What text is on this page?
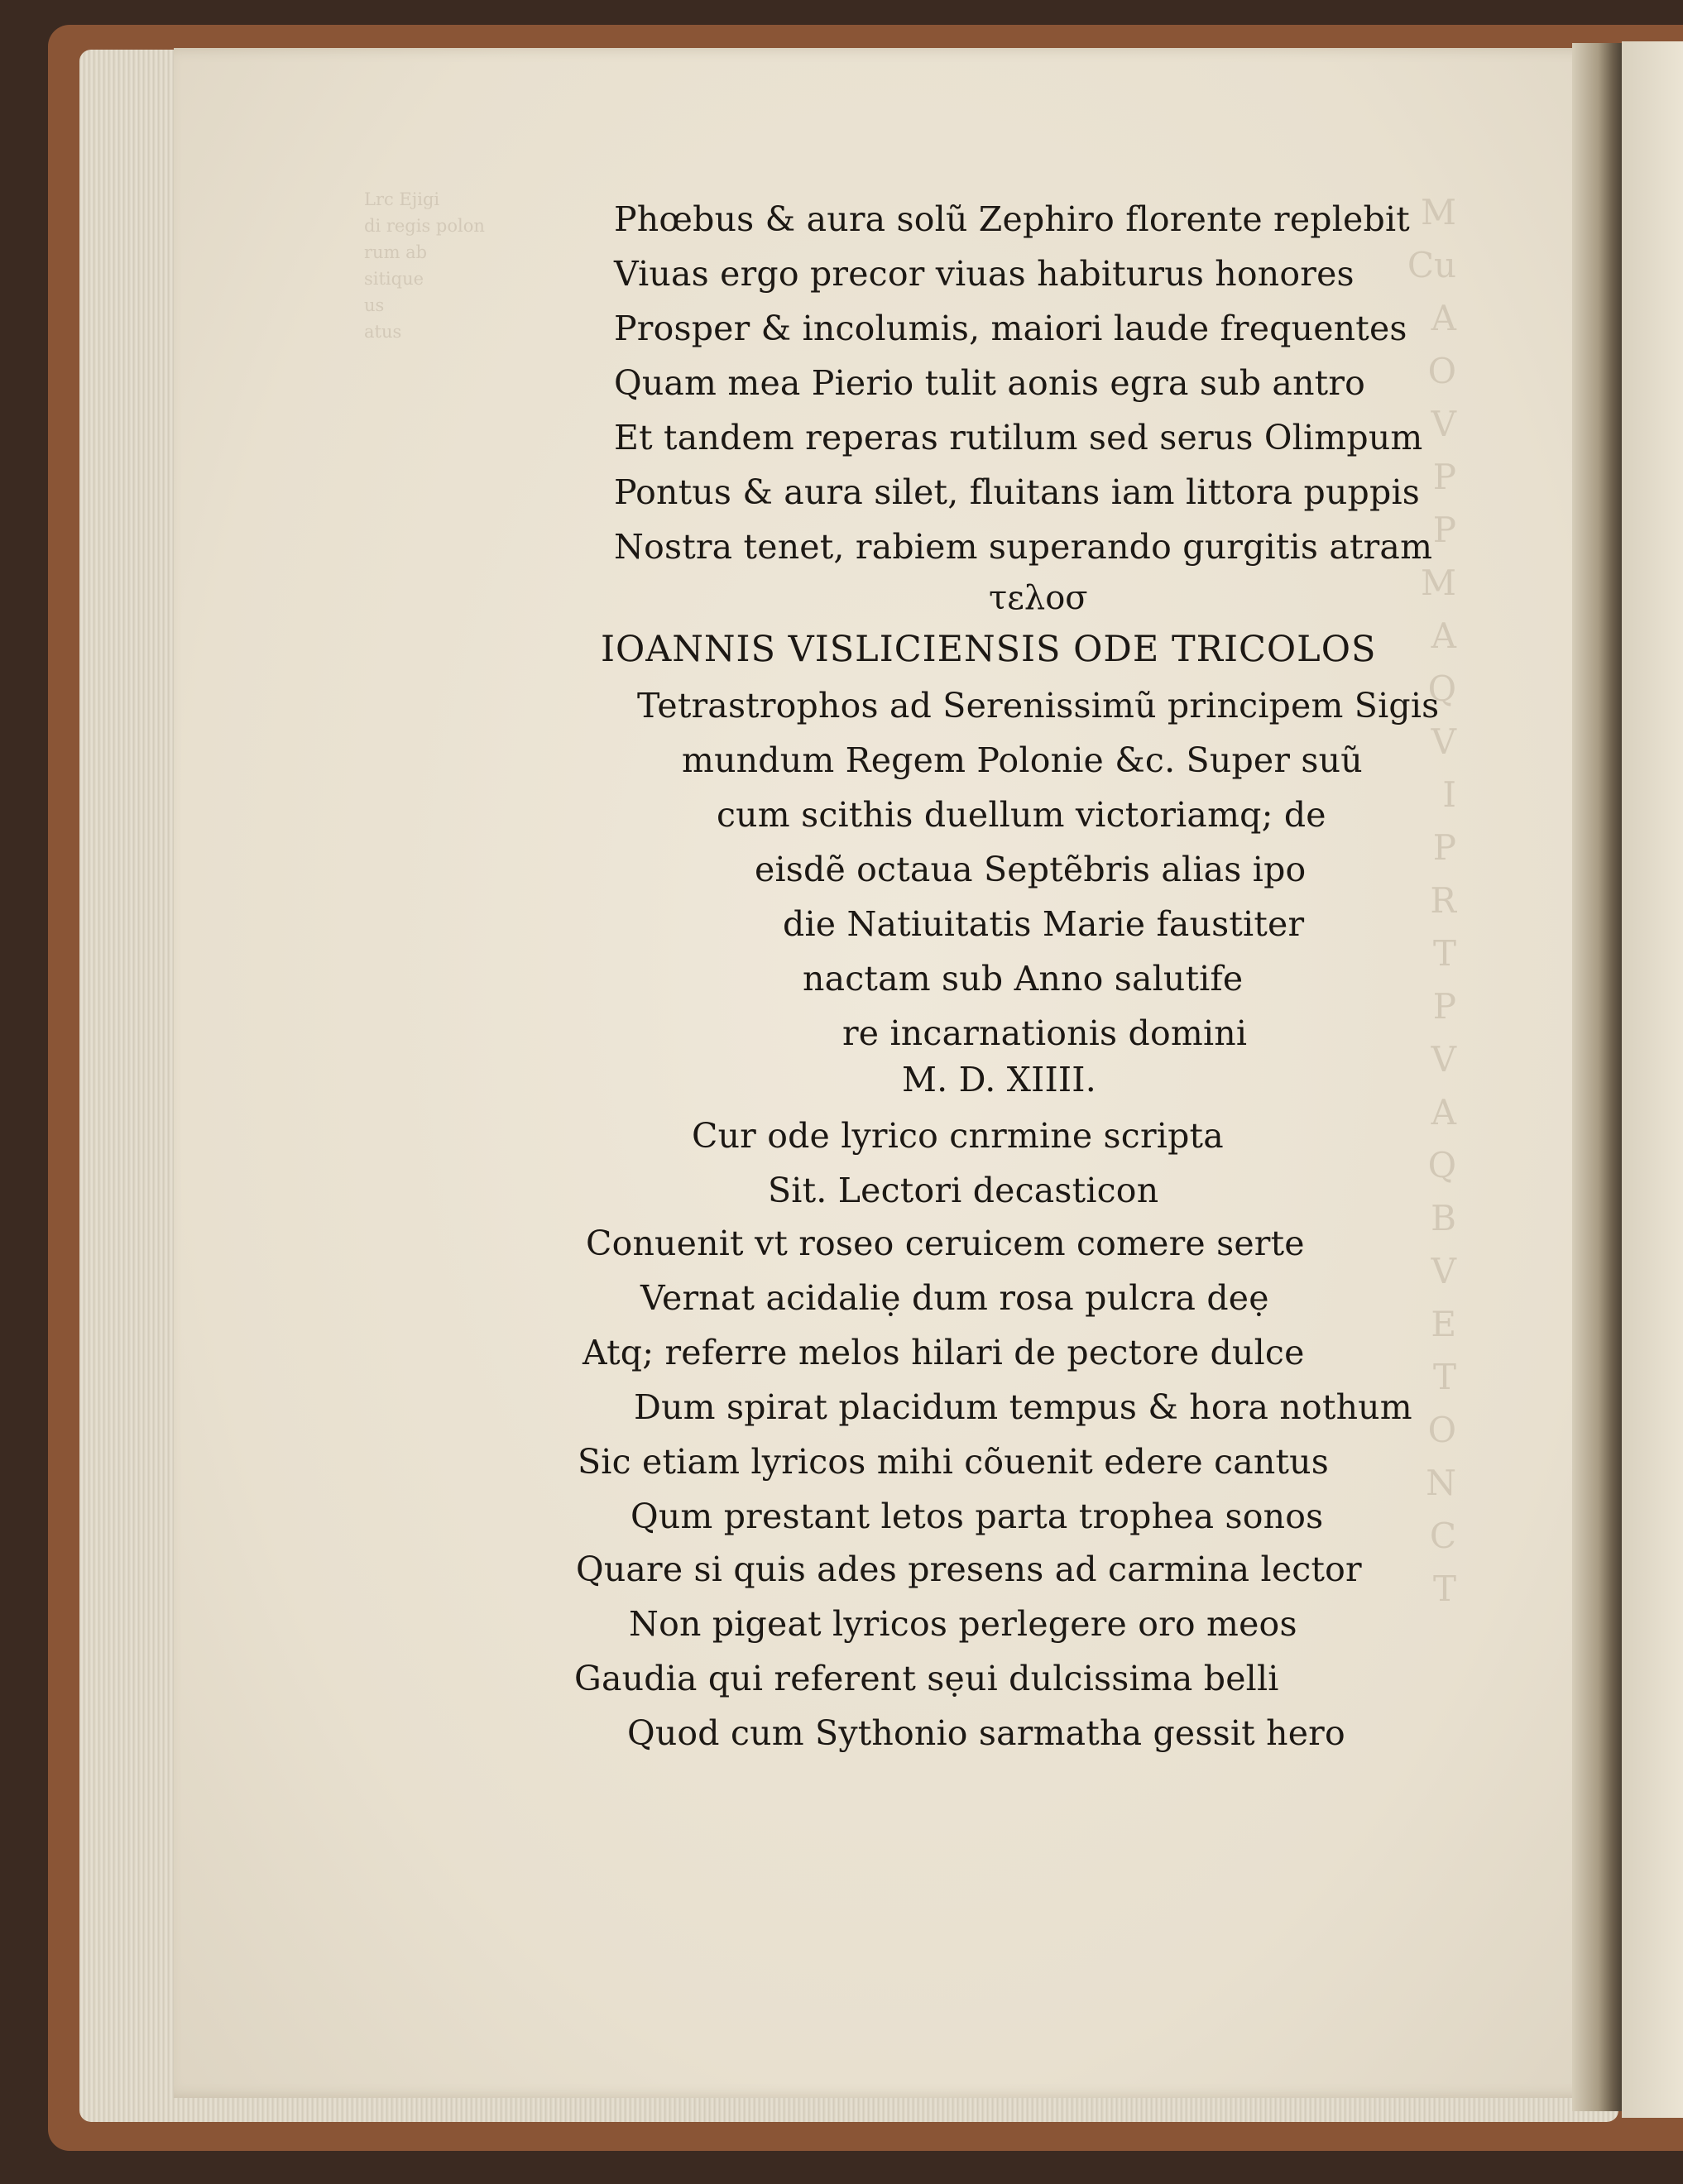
Lrc Ejigi
di regis polon
rum ab
sitique
us
atus
M
Cu
A
O
V
P
P
M
A
Q
V
I
P
R
T
P
V
A
Q
B
V
E
T
O
N
C
T
Phœbus & aura solũ Zephiro florente replebit
Viuas ergo precor viuas habiturus honores
Prosper & incolumis, maiori laude frequentes
Quam mea Pierio tulit aonis egra sub antro
Et tandem reperas rutilum sed serus Olimpum
Pontus & aura silet, fluitans iam littora puppis
Nostra tenet, rabiem superando gurgitis atram
τελοσ
IOANNIS VISLICIENSIS ODE TRICOLOS
Tetrastrophos ad Serenissimũ principem Sigis
mundum Regem Polonie &c. Super suũ
cum scithis duellum victoriamq; de
eisdẽ octaua Septẽbris alias ipo
die Natiuitatis Marie faustiter
nactam sub Anno salutife
re incarnationis domini
M. D. XIIII.
Cur ode lyrico cnrmine scripta
Sit. Lectori decasticon
Conuenit vt roseo ceruicem comere serte
Vernat acidaliẹ dum rosa pulcra deẹ
Atq; referre melos hilari de pectore dulce
Dum spirat placidum tempus & hora nothum
Sic etiam lyricos mihi cõuenit edere cantus
Qum prestant letos parta trophea sonos
Quare si quis ades presens ad carmina lector
Non pigeat lyricos perlegere oro meos
Gaudia qui referent sẹui dulcissima belli
Quod cum Sythonio sarmatha gessit hero
